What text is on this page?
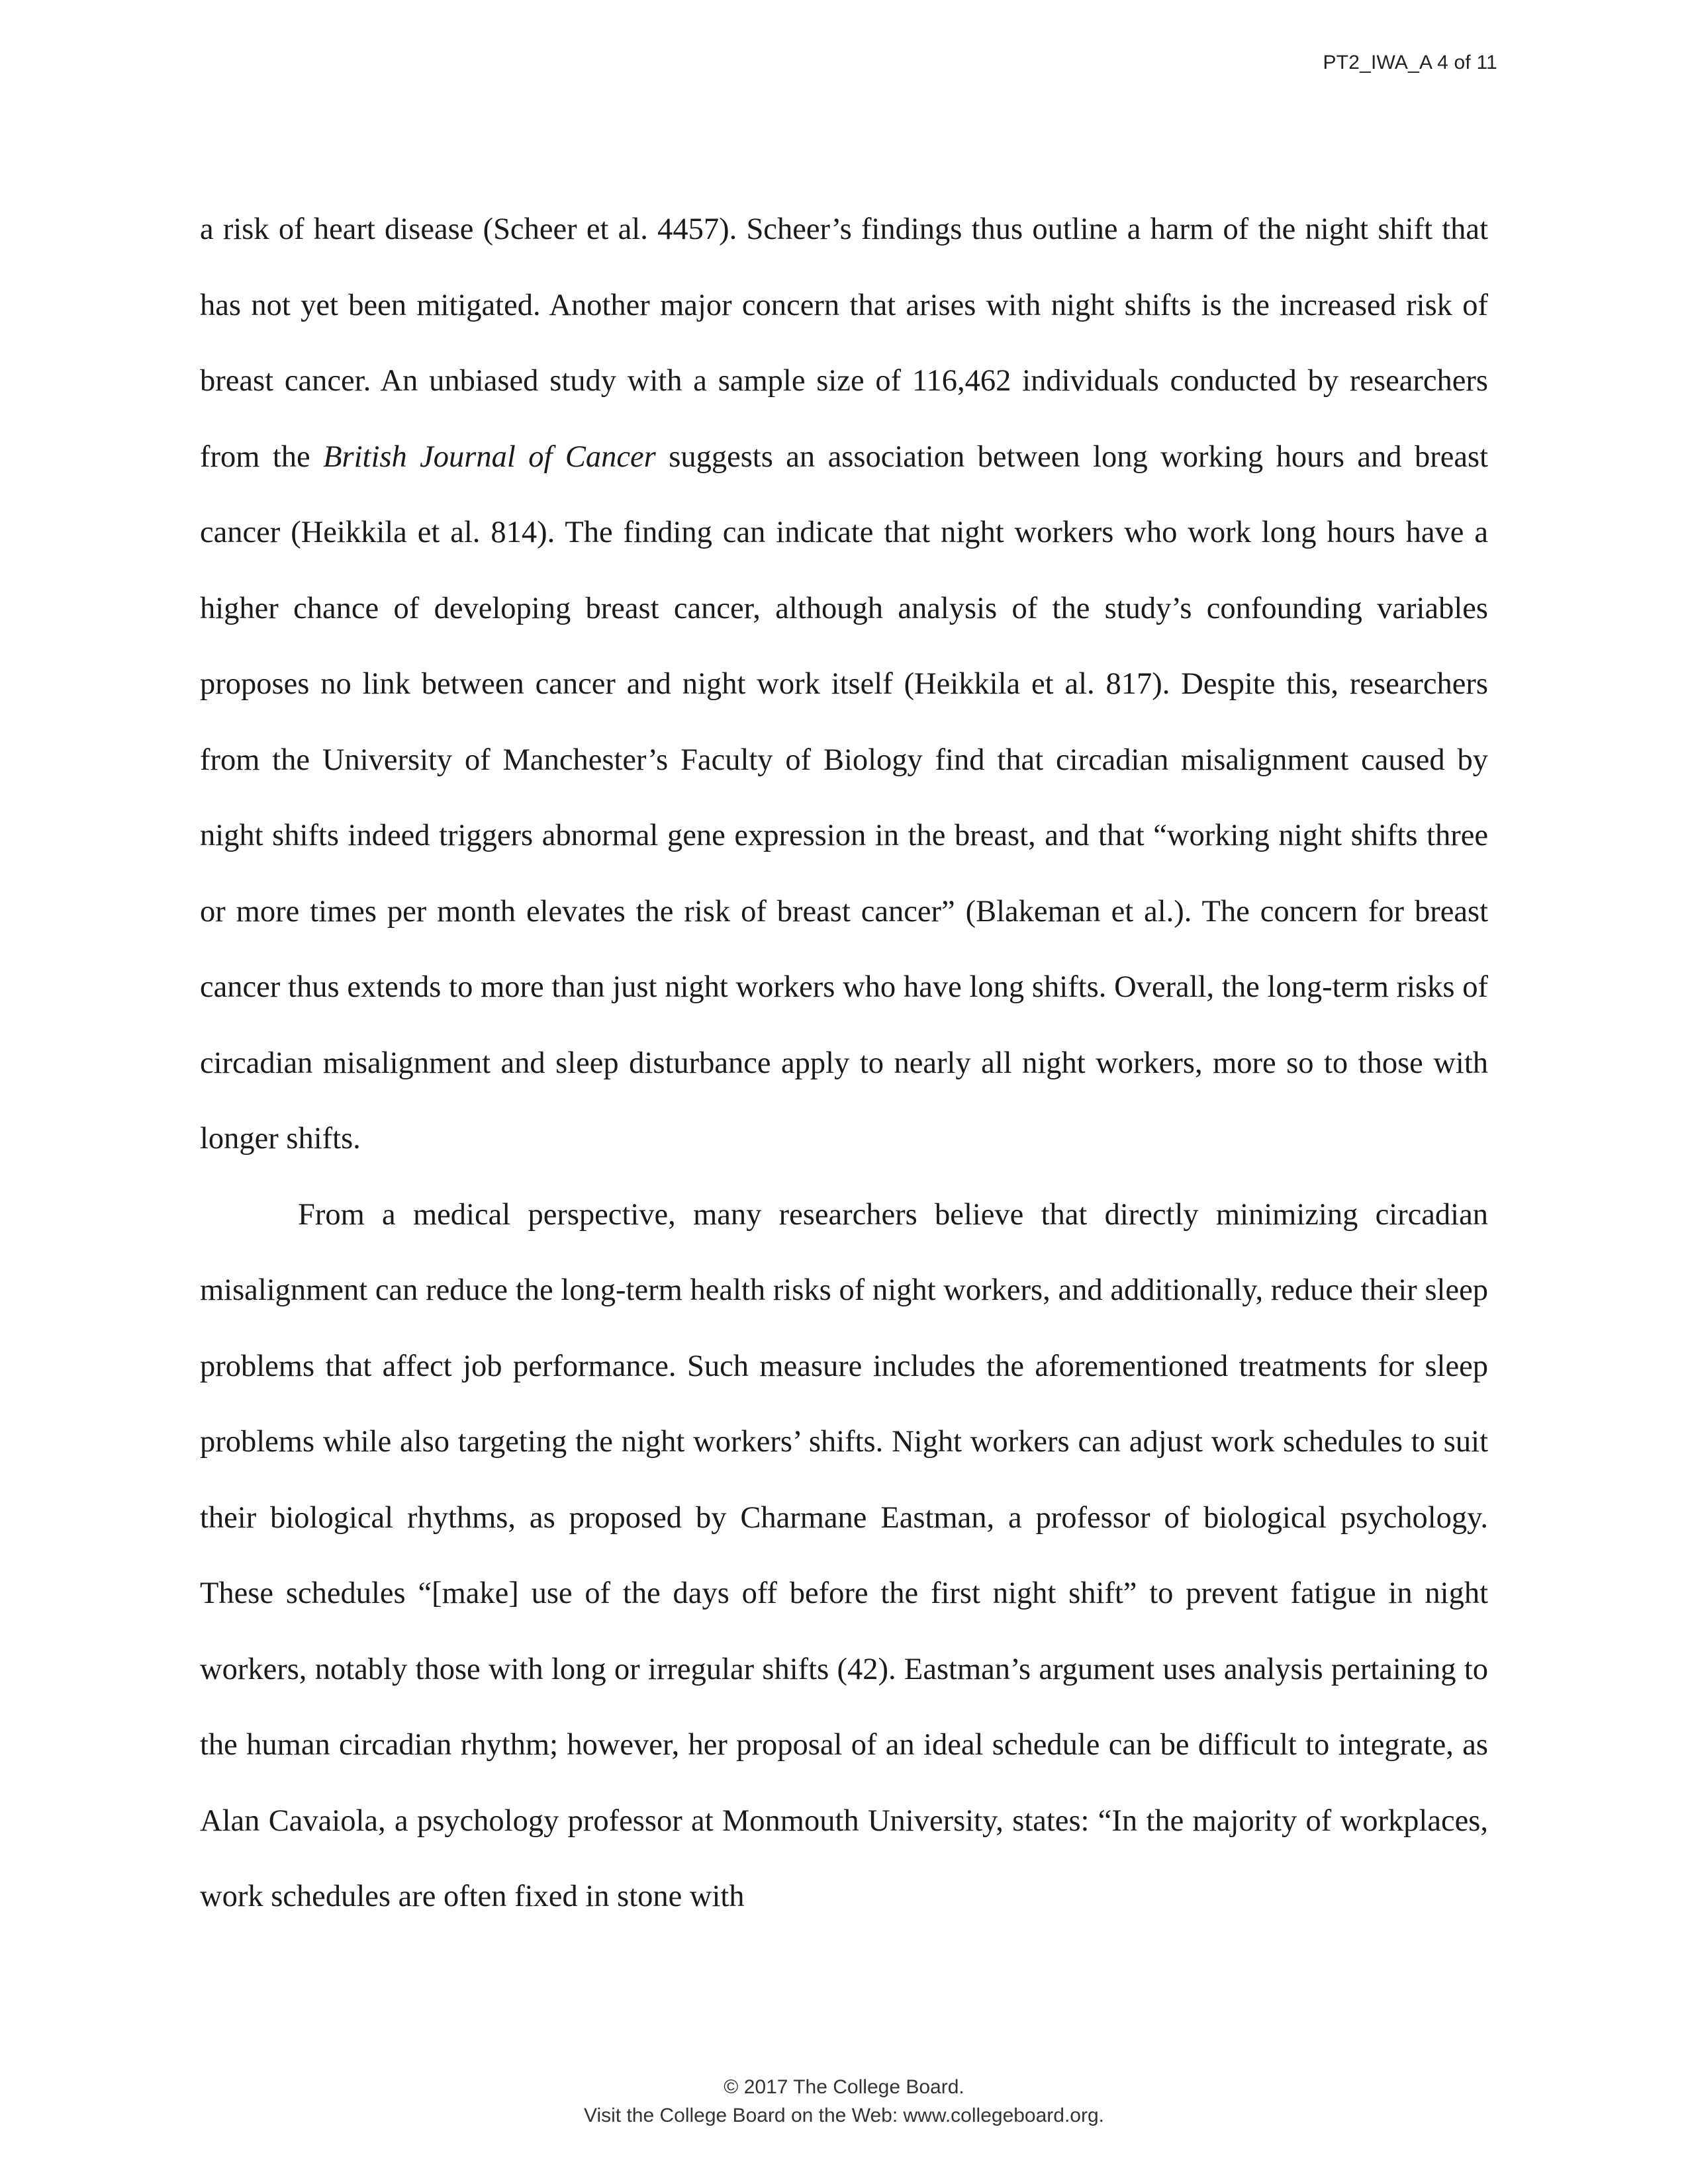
PT2_IWA_A 4 of 11

a risk of heart disease (Scheer et al. 4457). Scheer’s findings thus outline a harm of the night shift that has not yet been mitigated. Another major concern that arises with night shifts is the increased risk of breast cancer. An unbiased study with a sample size of 116,462 individuals conducted by researchers from the British Journal of Cancer suggests an association between long working hours and breast cancer (Heikkila et al. 814). The finding can indicate that night workers who work long hours have a higher chance of developing breast cancer, although analysis of the study’s confounding variables proposes no link between cancer and night work itself (Heikkila et al. 817). Despite this, researchers from the University of Manchester’s Faculty of Biology find that circadian misalignment caused by night shifts indeed triggers abnormal gene expression in the breast, and that “working night shifts three or more times per month elevates the risk of breast cancer” (Blakeman et al.). The concern for breast cancer thus extends to more than just night workers who have long shifts. Overall, the long-term risks of circadian misalignment and sleep disturbance apply to nearly all night workers, more so to those with longer shifts.

From a medical perspective, many researchers believe that directly minimizing circadian misalignment can reduce the long-term health risks of night workers, and additionally, reduce their sleep problems that affect job performance. Such measure includes the aforementioned treatments for sleep problems while also targeting the night workers’ shifts. Night workers can adjust work schedules to suit their biological rhythms, as proposed by Charmane Eastman, a professor of biological psychology. These schedules “[make] use of the days off before the first night shift” to prevent fatigue in night workers, notably those with long or irregular shifts (42). Eastman’s argument uses analysis pertaining to the human circadian rhythm; however, her proposal of an ideal schedule can be difficult to integrate, as Alan Cavaiola, a psychology professor at Monmouth University, states: “In the majority of workplaces, work schedules are often fixed in stone with

© 2017 The College Board.
Visit the College Board on the Web: www.collegeboard.org.
